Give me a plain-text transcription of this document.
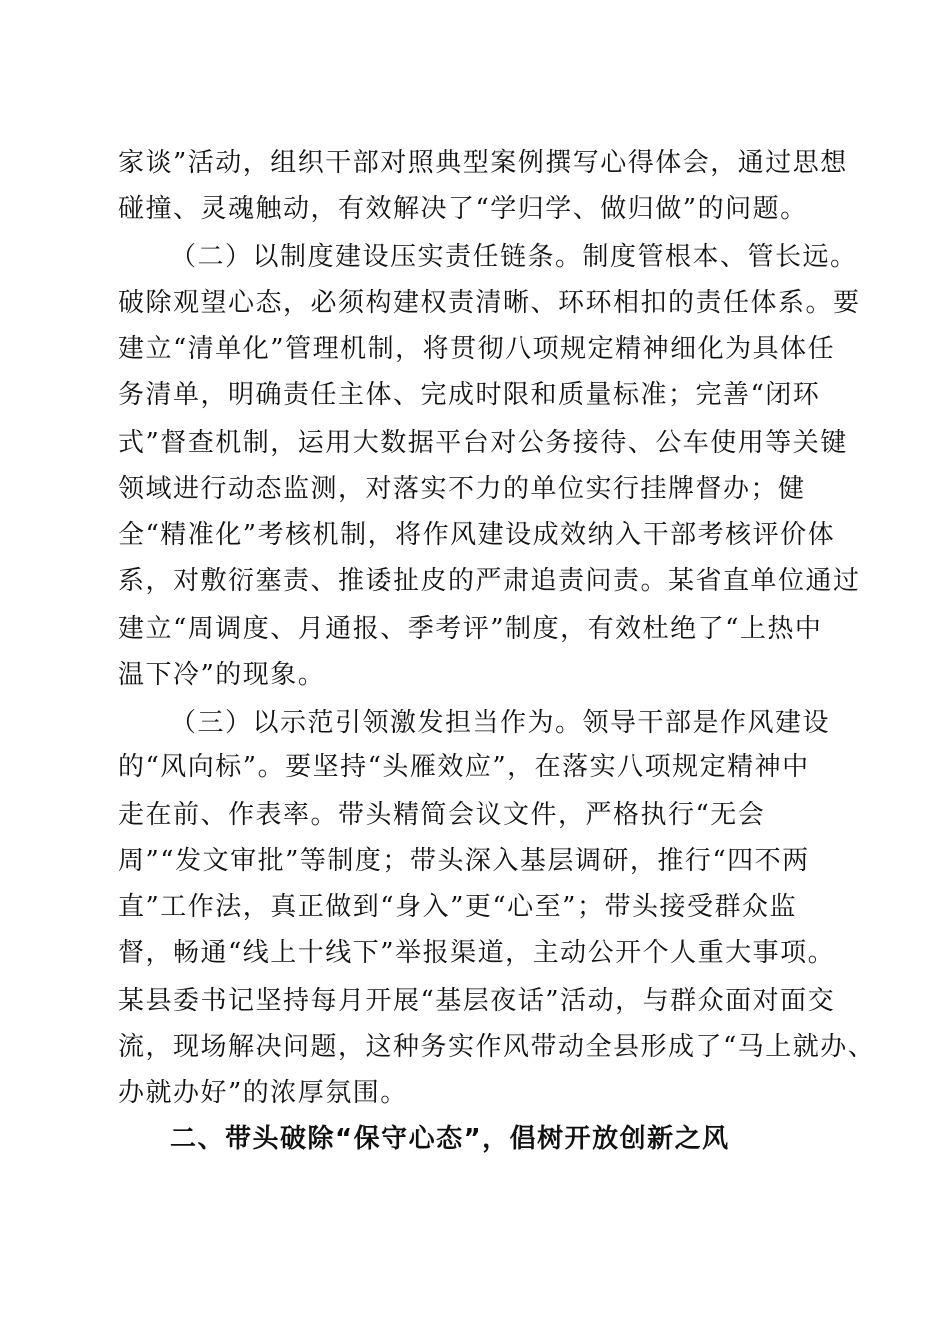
家谈”活动，组织干部对照典型案例撰写心得体会，通过思想
碰撞、灵魂触动，有效解决了“学归学、做归做”的问题。
（二）以制度建设压实责任链条。制度管根本、管长远。
破除观望心态，必须构建权责清晰、环环相扣的责任体系。要
建立“清单化”管理机制，将贯彻八项规定精神细化为具体任
务清单，明确责任主体、完成时限和质量标准；完善“闭环
式”督查机制，运用大数据平台对公务接待、公车使用等关键
领域进行动态监测，对落实不力的单位实行挂牌督办；健
全“精准化”考核机制，将作风建设成效纳入干部考核评价体
系，对敷衍塞责、推诿扯皮的严肃追责问责。某省直单位通过
建立“周调度、月通报、季考评”制度，有效杜绝了“上热中
温下冷”的现象。
（三）以示范引领激发担当作为。领导干部是作风建设
的“风向标”。要坚持“头雁效应”，在落实八项规定精神中
走在前、作表率。带头精简会议文件，严格执行“无会
周”“发文审批”等制度；带头深入基层调研，推行“四不两
直”工作法，真正做到“身入”更“心至”；带头接受群众监
督，畅通“线上十线下”举报渠道，主动公开个人重大事项。
某县委书记坚持每月开展“基层夜话”活动，与群众面对面交
流，现场解决问题，这种务实作风带动全县形成了“马上就办、
办就办好”的浓厚氛围。
二、带头破除“保守心态”，倡树开放创新之风
